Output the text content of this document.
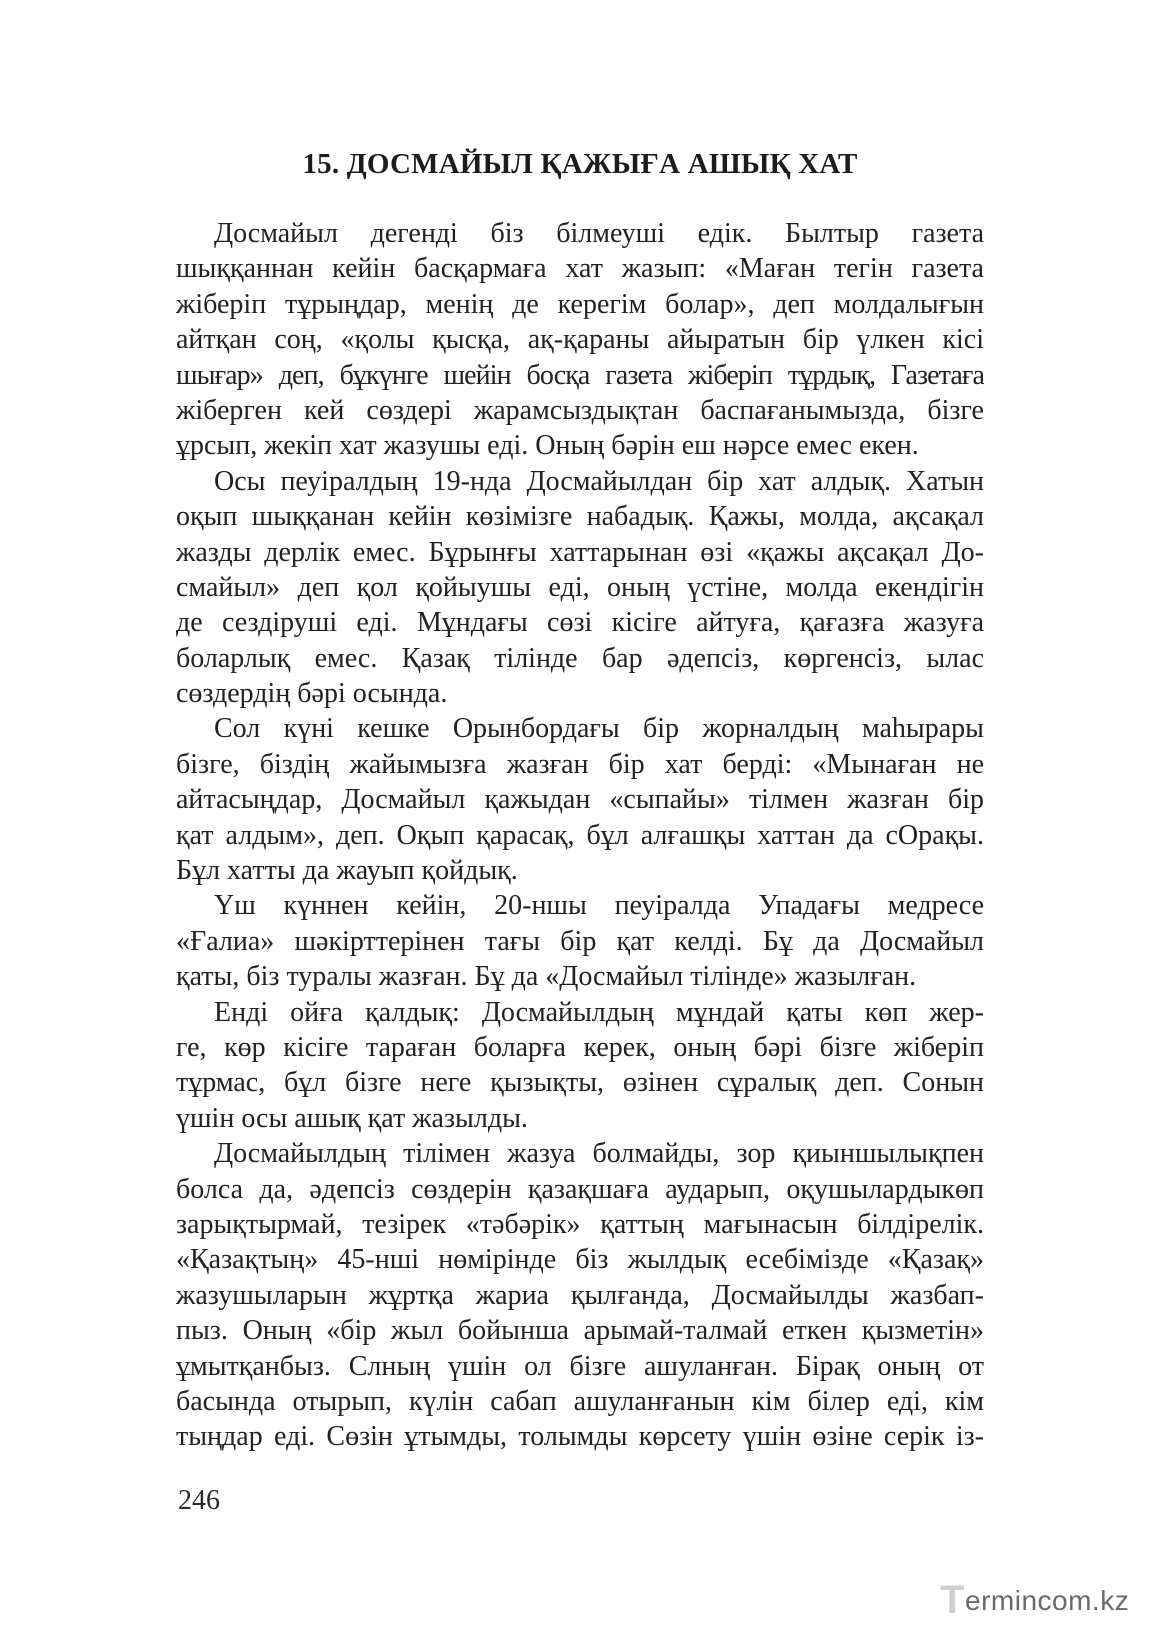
15. ДОСМАЙЫЛ ҚАЖЫҒА АШЫҚ ХАТ
Досмайыл дегенді біз білмеуші едік. Былтыр газета
шыққаннан кейін басқармаға хат жазып: «Маған тегін газета
жіберіп тұрыңдар, менің де керегім болар», деп молдалығын
айтқан соң, «қолы қысқа, ақ-қараны айыратын бір үлкен кісі
шығар» деп, бұкүнге шейін босқа газета жіберіп тұрдық, Газетаға
жіберген кей сөздері жарамсыздықтан баспағанымызда, бізге
ұрсып, жекіп хат жазушы еді. Оның бәрін еш нәрсе емес екен.
Осы пеуіралдың 19-нда Досмайылдан бір хат алдық. Хатын
оқып шыққанан кейін көзімізге набадық. Қажы, молда, ақсақал
жазды дерлік емес. Бұрынғы хаттарынан өзі «қажы ақсақал До-
смайыл» деп қол қойыушы еді, оның үстіне, молда екендігін
де сездіруші еді. Мұндағы сөзі кісіге айтуға, қағазға жазуға
боларлық емес. Қазақ тілінде бар әдепсіз, көргенсіз, ылас
сөздердің бәрі осында.
Сол күні кешке Орынбордағы бір жорналдың маһырары
бізге, біздің жайымызға жазған бір хат берді: «Мынаған не
айтасыңдар, Досмайыл қажыдан «сыпайы» тілмен жазған бір
қат алдым», деп. Оқып қарасақ, бұл алғашқы хаттан да сОрақы.
Бұл хатты да жауып қойдық.
Үш күннен кейін, 20-ншы пеуіралда Упадағы медресе
«Ғалиа» шәкірттерінен тағы бір қат келді. Бұ да Досмайыл
қаты, біз туралы жазған. Бұ да «Досмайыл тілінде» жазылған.
Енді ойға қалдық: Досмайылдың мұндай қаты көп жер-
ге, көр кісіге тараған боларға керек, оның бәрі бізге жіберіп
тұрмас, бұл бізге неге қызықты, өзінен сұралық деп. Сонын
үшін осы ашық қат жазылды.
Досмайылдың тілімен жазуа болмайды, зор қиыншылықпен
болса да, әдепсіз сөздерін қазақшаға аударып, оқушылардыкөп
зарықтырмай, тезірек «тәбәрік» қаттың мағынасын білдірелік.
«Қазақтың» 45-нші нөмірінде біз жылдық есебімізде «Қазақ»
жазушыларын жұртқа жариа қылғанда, Досмайылды жазбап-
пыз. Оның «бір жыл бойынша арымай-талмай еткен қызметін»
ұмытқанбыз. Слның үшін ол бізге ашуланған. Бірақ оның от
басында отырып, күлін сабап ашуланғанын кім білер еді, кім
тыңдар еді. Сөзін ұтымды, толымды көрсету үшін өзіне серік із-
246
T ermincom.kz
